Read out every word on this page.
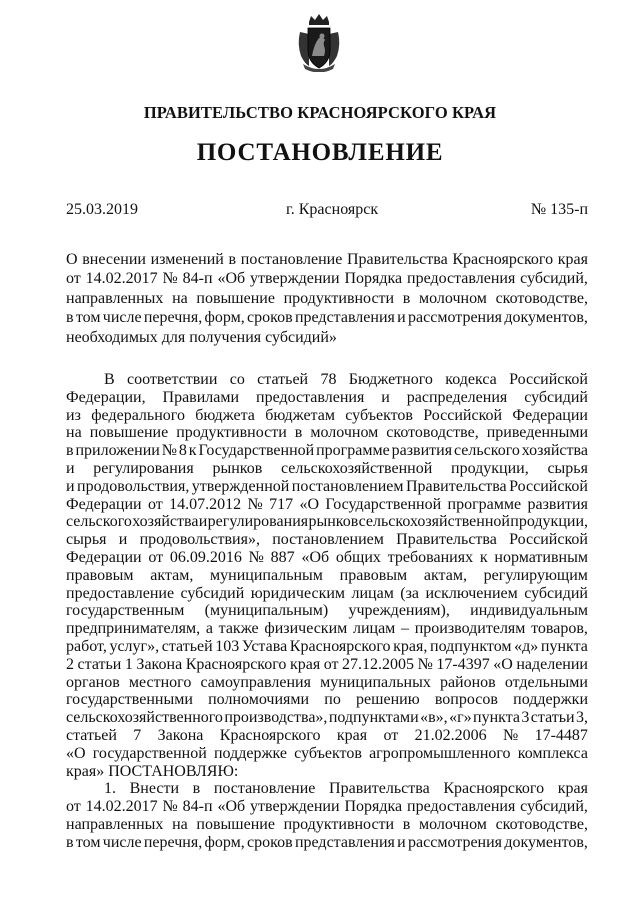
ПРАВИТЕЛЬСТВО КРАСНОЯРСКОГО КРАЯ
ПОСТАНОВЛЕНИЕ
25.03.2019	г. Красноярск	№ 135-п
О внесении изменений в постановление Правительства Красноярского края
от 14.02.2017 № 84-п «Об утверждении Порядка предоставления субсидий,
направленных на повышение продуктивности в молочном скотоводстве,
в том числе перечня, форм, сроков представления и рассмотрения документов,
необходимых для получения субсидий»
В соответствии со статьей 78 Бюджетного кодекса Российской
Федерации, Правилами предоставления и распределения субсидий
из федерального бюджета бюджетам субъектов Российской Федерации
на повышение продуктивности в молочном скотоводстве, приведенными
в приложении № 8 к Государственной программе развития сельского хозяйства
и регулирования рынков сельскохозяйственной продукции, сырья
и продовольствия, утвержденной постановлением Правительства Российской
Федерации от 14.07.2012 № 717 «О Государственной программе развития
сельского хозяйства и регулирования рынков сельскохозяйственной продукции,
сырья и продовольствия», постановлением Правительства Российской
Федерации от 06.09.2016 № 887 «Об общих требованиях к нормативным
правовым актам, муниципальным правовым актам, регулирующим
предоставление субсидий юридическим лицам (за исключением субсидий
государственным (муниципальным) учреждениям), индивидуальным
предпринимателям, а также физическим лицам – производителям товаров,
работ, услуг», статьей 103 Устава Красноярского края, подпунктом «д» пункта
2 статьи 1 Закона Красноярского края от 27.12.2005 № 17-4397 «О наделении
органов местного самоуправления муниципальных районов отдельными
государственными полномочиями по решению вопросов поддержки
сельскохозяйственного производства», подпунктами «в», «г» пункта 3 статьи 3,
статьей 7 Закона Красноярского края от 21.02.2006 № 17-4487
«О государственной поддержке субъектов агропромышленного комплекса
края» ПОСТАНОВЛЯЮ:
1. Внести в постановление Правительства Красноярского края
от 14.02.2017 № 84-п «Об утверждении Порядка предоставления субсидий,
направленных на повышение продуктивности в молочном скотоводстве,
в том числе перечня, форм, сроков представления и рассмотрения документов,
